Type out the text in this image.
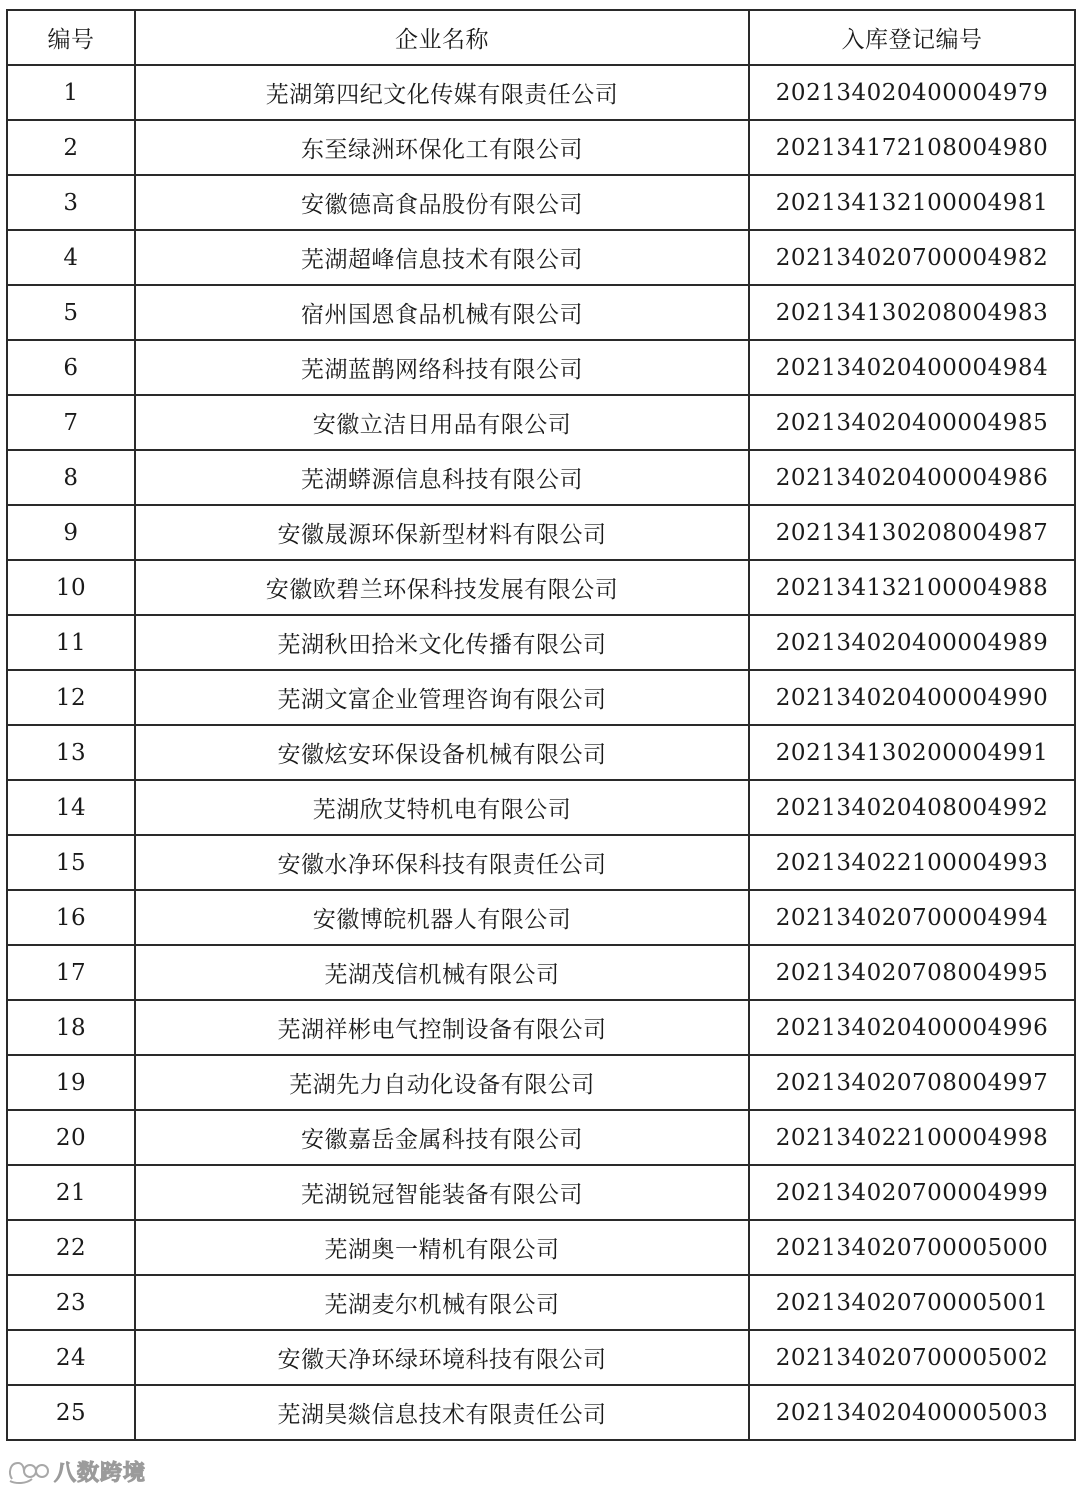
编号	企业名称	入库登记编号
1	芜湖第四纪文化传媒有限责任公司	202134020400004979
2	东至绿洲环保化工有限公司	202134172108004980
3	安徽德高食品股份有限公司	202134132100004981
4	芜湖超峰信息技术有限公司	202134020700004982
5	宿州国恩食品机械有限公司	202134130208004983
6	芜湖蓝鹊网络科技有限公司	202134020400004984
7	安徽立洁日用品有限公司	202134020400004985
8	芜湖蟒源信息科技有限公司	202134020400004986
9	安徽晟源环保新型材料有限公司	202134130208004987
10	安徽欧碧兰环保科技发展有限公司	202134132100004988
11	芜湖秋田拾米文化传播有限公司	202134020400004989
12	芜湖文富企业管理咨询有限公司	202134020400004990
13	安徽炫安环保设备机械有限公司	202134130200004991
14	芜湖欣艾特机电有限公司	202134020408004992
15	安徽水净环保科技有限责任公司	202134022100004993
16	安徽博皖机器人有限公司	202134020700004994
17	芜湖茂信机械有限公司	202134020708004995
18	芜湖祥彬电气控制设备有限公司	202134020400004996
19	芜湖先力自动化设备有限公司	202134020708004997
20	安徽嘉岳金属科技有限公司	202134022100004998
21	芜湖锐冠智能装备有限公司	202134020700004999
22	芜湖奥一精机有限公司	202134020700005000
23	芜湖麦尔机械有限公司	202134020700005001
24	安徽天净环绿环境科技有限公司	202134020700005002
25	芜湖昊燚信息技术有限责任公司	202134020400005003
八数跨境
